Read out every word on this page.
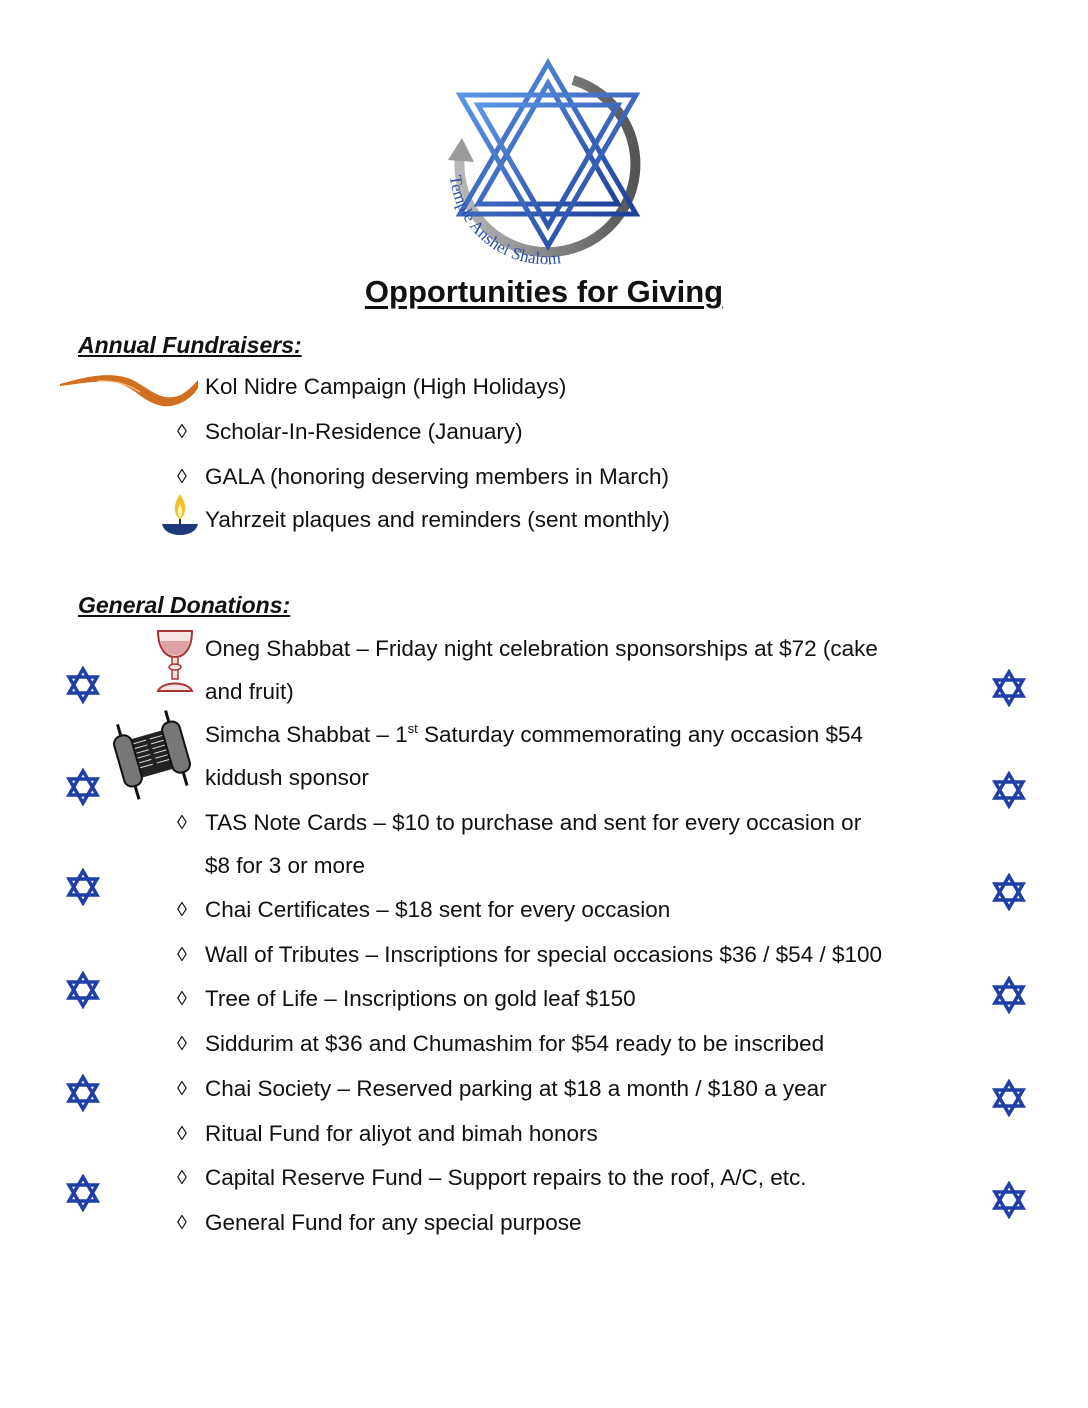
Temple Anshei Shalom
Opportunities for Giving
Annual Fundraisers:
Kol Nidre Campaign (High Holidays)
◊ Scholar-In-Residence (January)
◊ GALA (honoring deserving members in March)
Yahrzeit plaques and reminders (sent monthly)
General Donations:
Oneg Shabbat – Friday night celebration sponsorships at $72 (cake
and fruit)
Simcha Shabbat – 1st Saturday commemorating any occasion $54
kiddush sponsor
◊ TAS Note Cards – $10 to purchase and sent for every occasion or
$8 for 3 or more
◊ Chai Certificates – $18 sent for every occasion
◊ Wall of Tributes – Inscriptions for special occasions $36 / $54 / $100
◊ Tree of Life – Inscriptions on gold leaf $150
◊ Siddurim at $36 and Chumashim for $54 ready to be inscribed
◊ Chai Society – Reserved parking at $18 a month / $180 a year
◊ Ritual Fund for aliyot and bimah honors
◊ Capital Reserve Fund – Support repairs to the roof, A/C, etc.
◊ General Fund for any special purpose
